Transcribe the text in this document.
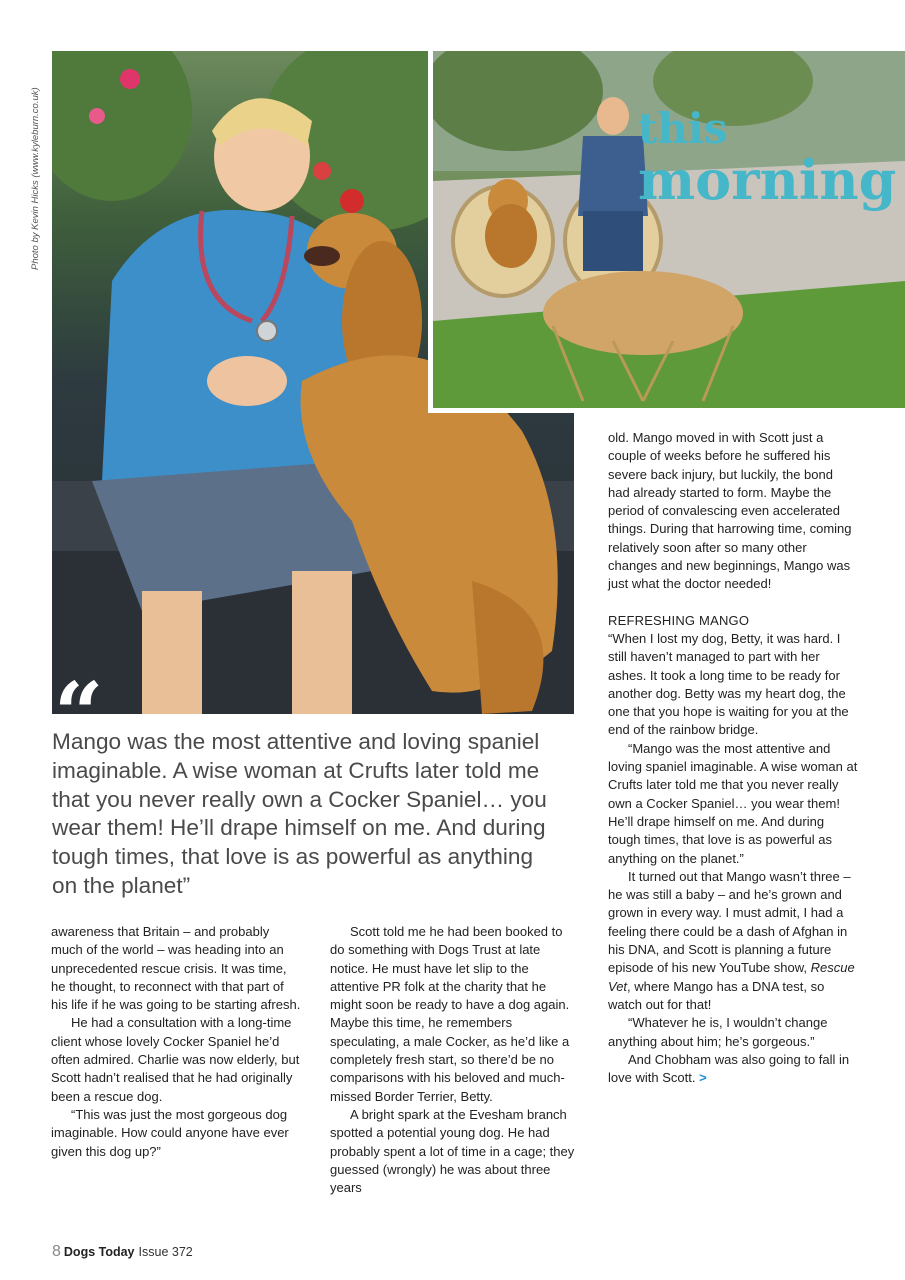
Photo by Kevin Hicks (www.kyleburn.co.uk)
“
this
morning
Mango was the most attentive and loving spaniel
imaginable. A wise woman at Crufts later told me
that you never really own a Cocker Spaniel… you
wear them! He’ll drape himself on me. And during
tough times, that love is as powerful as anything
on the planet”

awareness that Britain – and probably much of the world – was heading into an unprecedented rescue crisis. It was time, he thought, to reconnect with that part of his life if he was going to be starting afresh.

He had a consultation with a long-time client whose lovely Cocker Spaniel he’d often admired. Charlie was now elderly, but Scott hadn’t realised that he had originally been a rescue dog.

“This was just the most gorgeous dog imaginable. How could anyone have ever given this dog up?”

Scott told me he had been booked to do something with Dogs Trust at late notice. He must have let slip to the attentive PR folk at the charity that he might soon be ready to have a dog again. Maybe this time, he remembers speculating, a male Cocker, as he’d like a completely fresh start, so there’d be no comparisons with his beloved and much-missed Border Terrier, Betty.

A bright spark at the Evesham branch spotted a potential young dog. He had probably spent a lot of time in a cage; they guessed (wrongly) he was about three years

old. Mango moved in with Scott just a couple of weeks before he suffered his severe back injury, but luckily, the bond had already started to form. Maybe the period of convalescing even accelerated things. During that harrowing time, coming relatively soon after so many other changes and new beginnings, Mango was just what the doctor needed!

REFRESHING MANGO

“When I lost my dog, Betty, it was hard. I still haven’t managed to part with her ashes. It took a long time to be ready for another dog. Betty was my heart dog, the one that you hope is waiting for you at the end of the rainbow bridge.

“Mango was the most attentive and loving spaniel imaginable. A wise woman at Crufts later told me that you never really own a Cocker Spaniel… you wear them! He’ll drape himself on me. And during tough times, that love is as powerful as anything on the planet.”

It turned out that Mango wasn’t three – he was still a baby – and he’s grown and grown in every way. I must admit, I had a feeling there could be a dash of Afghan in his DNA, and Scott is planning a future episode of his new YouTube show, Rescue Vet, where Mango has a DNA test, so watch out for that!

“Whatever he is, I wouldn’t change anything about him; he’s gorgeous.”

And Chobham was also going to fall in love with Scott. >

8 Dogs Today Issue 372
